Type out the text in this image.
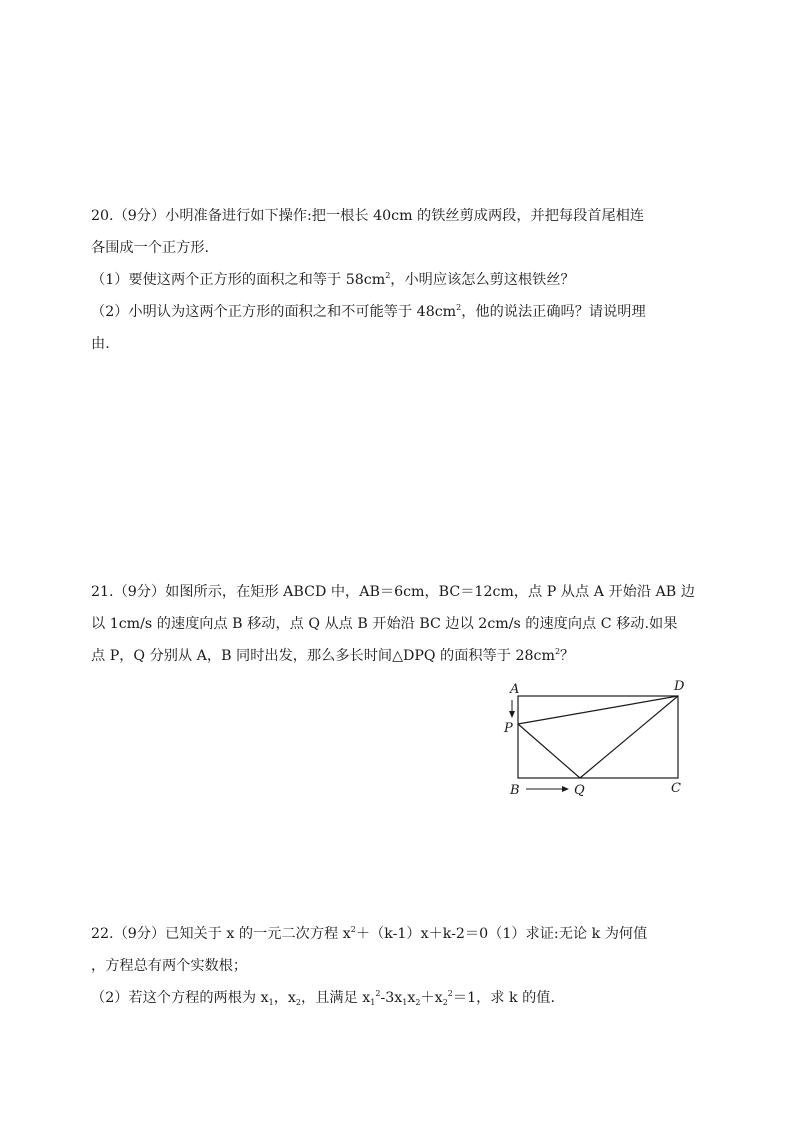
20.（9分）小明准备进行如下操作:把一根长 40cm 的铁丝剪成两段，并把每段首尾相连
各围成一个正方形.
（1）要使这两个正方形的面积之和等于 $58cm^2$，小明应该怎么剪这根铁丝？
（2）小明认为这两个正方形的面积之和不可能等于 $48cm^2$，他的说法正确吗？请说明理
由.
21.（9分）如图所示，在矩形 ABCD 中，AB＝6cm，BC＝12cm，点 P 从点 A 开始沿 AB 边
以 1cm/s 的速度向点 B 移动，点 Q 从点 B 开始沿 BC 边以 2cm/s 的速度向点 C 移动.如果
点 P，Q 分别从 A，B 同时出发，那么多长时间△DPQ 的面积等于 $28cm^2$？
A	D
P
B	Q	C
22.（9分）已知关于 x 的一元二次方程 $x^2+(k-1)x+k-2=0(1)$求证:无论 k 为何值
，方程总有两个实数根；
（2）若这个方程的两根为 $x_1$，$x_2$，且满足 $x_1^2-3x_1x_2+x_2^2=1$，求 k 的值.
